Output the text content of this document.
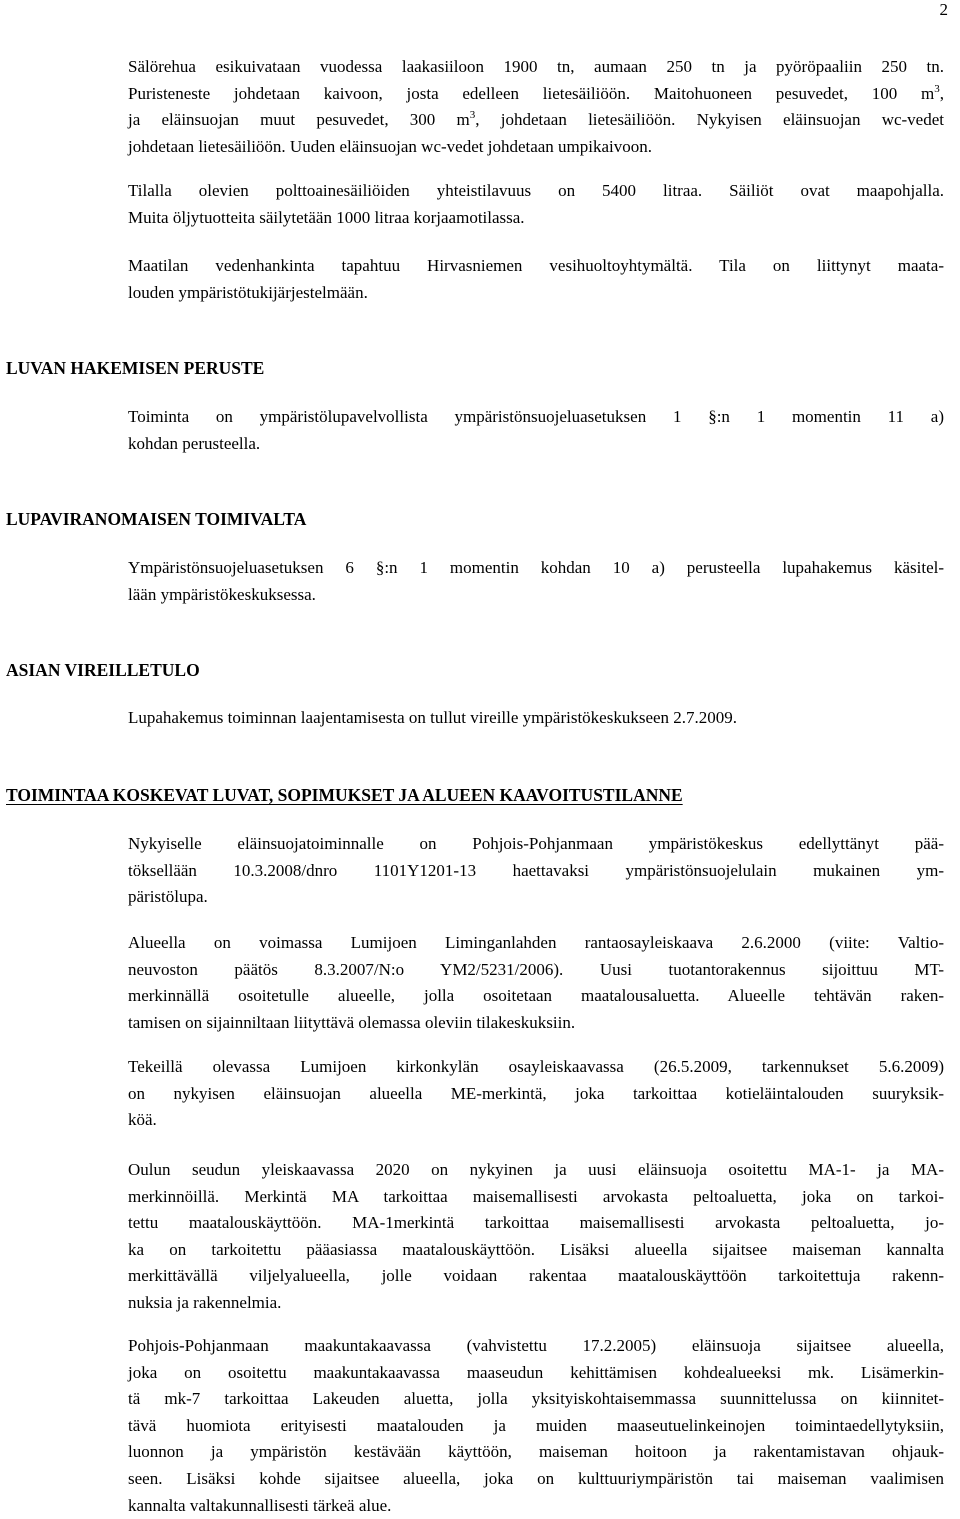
2
Sälörehua esikuivataan vuodessa laakasiiloon 1900 tn, aumaan 250 tn ja pyöröpaaliin 250 tn.
Puristeneste johdetaan kaivoon, josta edelleen lietesäiliöön. Maitohuoneen pesuvedet, 100 $m^3$,
ja eläinsuojan muut pesuvedet, 300 $m^3$, johdetaan lietesäiliöön. Nykyisen eläinsuojan wc-vedet
johdetaan lietesäiliöön. Uuden eläinsuojan wc-vedet johdetaan umpikaivoon.
Tilalla olevien polttoainesäiliöiden yhteistilavuus on 5400 litraa. Säiliöt ovat maapohjalla.
Muita öljytuotteita säilytetään 1000 litraa korjaamotilassa.
Maatilan vedenhankinta tapahtuu Hirvasniemen vesihuoltoyhtymältä. Tila on liittynyt maata-
louden ympäristötukijärjestelmään.
LUVAN HAKEMISEN PERUSTE
Toiminta on ympäristölupavelvollista ympäristönsuojeluasetuksen 1 §:n 1 momentin 11 a)
kohdan perusteella.
LUPAVIRANOMAISEN TOIMIVALTA
Ympäristönsuojeluasetuksen 6 §:n 1 momentin kohdan 10 a) perusteella lupahakemus käsitel-
lään ympäristökeskuksessa.
ASIAN VIREILLETULO
Lupahakemus toiminnan laajentamisesta on tullut vireille ympäristökeskukseen 2.7.2009.
TOIMINTAA KOSKEVAT LUVAT, SOPIMUKSET JA ALUEEN KAAVOITUSTILANNE
Nykyiselle eläinsuojatoiminnalle on Pohjois-Pohjanmaan ympäristökeskus edellyttänyt pää-
töksellään 10.3.2008/dnro 1101Y1201-13 haettavaksi ympäristönsuojelulain mukainen ym-
päristölupa.
Alueella on voimassa Lumijoen Liminganlahden rantaosayleiskaava 2.6.2000 (viite: Valtio-
neuvoston päätös 8.3.2007/N:o YM2/5231/2006). Uusi tuotantorakennus sijoittuu MT-
merkinnällä osoitetulle alueelle, jolla osoitetaan maatalousaluetta. Alueelle tehtävän raken-
tamisen on sijainniltaan liityttävä olemassa oleviin tilakeskuksiin.
Tekeillä olevassa Lumijoen kirkonkylän osayleiskaavassa (26.5.2009, tarkennukset 5.6.2009)
on nykyisen eläinsuojan alueella ME-merkintä, joka tarkoittaa kotieläintalouden suuryksik-
köä.
Oulun seudun yleiskaavassa 2020 on nykyinen ja uusi eläinsuoja osoitettu MA-1- ja MA-
merkinnöillä. Merkintä MA tarkoittaa maisemallisesti arvokasta peltoaluetta, joka on tarkoi-
tettu maatalouskäyttöön. MA-1merkintä tarkoittaa maisemallisesti arvokasta peltoaluetta, jo-
ka on tarkoitettu pääasiassa maatalouskäyttöön. Lisäksi alueella sijaitsee maiseman kannalta
merkittävällä viljelyalueella, jolle voidaan rakentaa maatalouskäyttöön tarkoitettuja rakenn-
nuksia ja rakennelmia.
Pohjois-Pohjanmaan maakuntakaavassa (vahvistettu 17.2.2005) eläinsuoja sijaitsee alueella,
joka on osoitettu maakuntakaavassa maaseudun kehittämisen kohdealueeksi mk. Lisämerkin-
tä mk-7 tarkoittaa Lakeuden aluetta, jolla yksityiskohtaisemmassa suunnittelussa on kiinnitet-
tävä huomiota erityisesti maatalouden ja muiden maaseutuelinkeinojen toimintaedellytyksiin,
luonnon ja ympäristön kestävään käyttöön, maiseman hoitoon ja rakentamistavan ohjauk-
seen. Lisäksi kohde sijaitsee alueella, joka on kulttuuriympäristön tai maiseman vaalimisen
kannalta valtakunnallisesti tärkeä alue.
